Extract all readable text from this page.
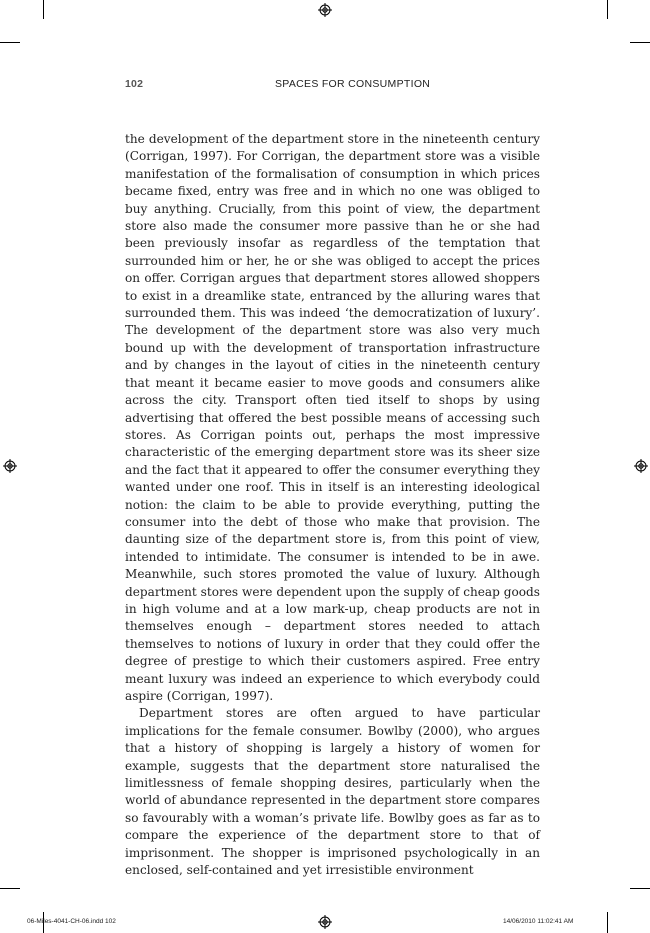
102	SPACES FOR CONSUMPTION

the development of the department store in the nineteenth century (Corrigan, 1997). For Corrigan, the department store was a visible manifestation of the formalisation of consumption in which prices became fixed, entry was free and in which no one was obliged to buy anything. Crucially, from this point of view, the department store also made the consumer more passive than he or she had been previously insofar as regardless of the temptation that surrounded him or her, he or she was obliged to accept the prices on offer. Corrigan argues that department stores allowed shoppers to exist in a dreamlike state, entranced by the alluring wares that surrounded them. This was indeed ‘the democratization of luxury’. The development of the department store was also very much bound up with the development of transportation infrastructure and by changes in the layout of cities in the nineteenth century that meant it became easier to move goods and consumers alike across the city. Transport often tied itself to shops by using advertising that offered the best possible means of accessing such stores. As Corrigan points out, perhaps the most impressive characteristic of the emerging department store was its sheer size and the fact that it appeared to offer the consumer everything they wanted under one roof. This in itself is an interesting ideological notion: the claim to be able to provide everything, putting the consumer into the debt of those who make that provision. The daunting size of the department store is, from this point of view, intended to intimidate. The consumer is intended to be in awe. Meanwhile, such stores promoted the value of luxury. Although department stores were dependent upon the supply of cheap goods in high volume and at a low mark-up, cheap products are not in themselves enough – department stores needed to attach themselves to notions of luxury in order that they could offer the degree of prestige to which their customers aspired. Free entry meant luxury was indeed an experience to which everybody could aspire (Corrigan, 1997).

Department stores are often argued to have particular implications for the female consumer. Bowlby (2000), who argues that a history of shopping is largely a history of women for example, suggests that the department store naturalised the limitlessness of female shopping desires, particularly when the world of abundance represented in the department store compares so favourably with a woman’s private life. Bowlby goes as far as to compare the experience of the department store to that of imprisonment. The shopper is imprisoned psychologically in an enclosed, self-contained and yet irresistible environment

06-Miles-4041-CH-06.indd 102	14/06/2010 11:02:41 AM
